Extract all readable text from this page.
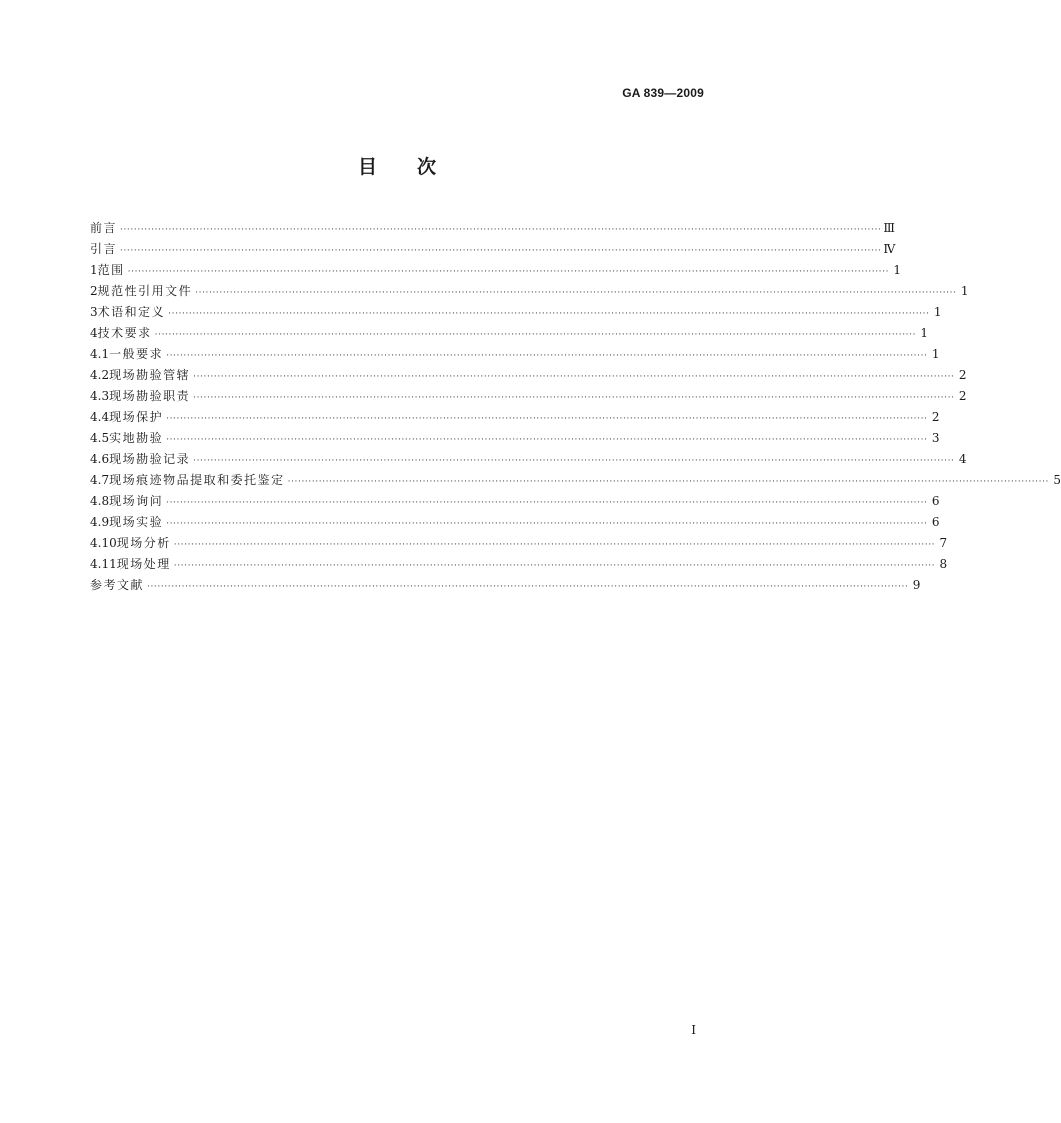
GA 839—2009
目 次
前言 ···························································································································································································································· Ⅲ
引言 ···························································································································································································································· Ⅳ
1 范围 ···························································································································································································································· 1
2 规范性引用文件 ···························································································································································································································· 1
3 术语和定义 ···························································································································································································································· 1
4 技术要求 ···························································································································································································································· 1
4.1 一般要求 ···························································································································································································································· 1
4.2 现场勘验管辖 ···························································································································································································································· 2
4.3 现场勘验职责 ···························································································································································································································· 2
4.4 现场保护 ···························································································································································································································· 2
4.5 实地勘验 ···························································································································································································································· 3
4.6 现场勘验记录 ···························································································································································································································· 4
4.7 现场痕迹物品提取和委托鉴定 ···························································································································································································································· 5
4.8 现场询问 ···························································································································································································································· 6
4.9 现场实验 ···························································································································································································································· 6
4.10 现场分析 ···························································································································································································································· 7
4.11 现场处理 ···························································································································································································································· 8
参考文献 ···························································································································································································································· 9
I
